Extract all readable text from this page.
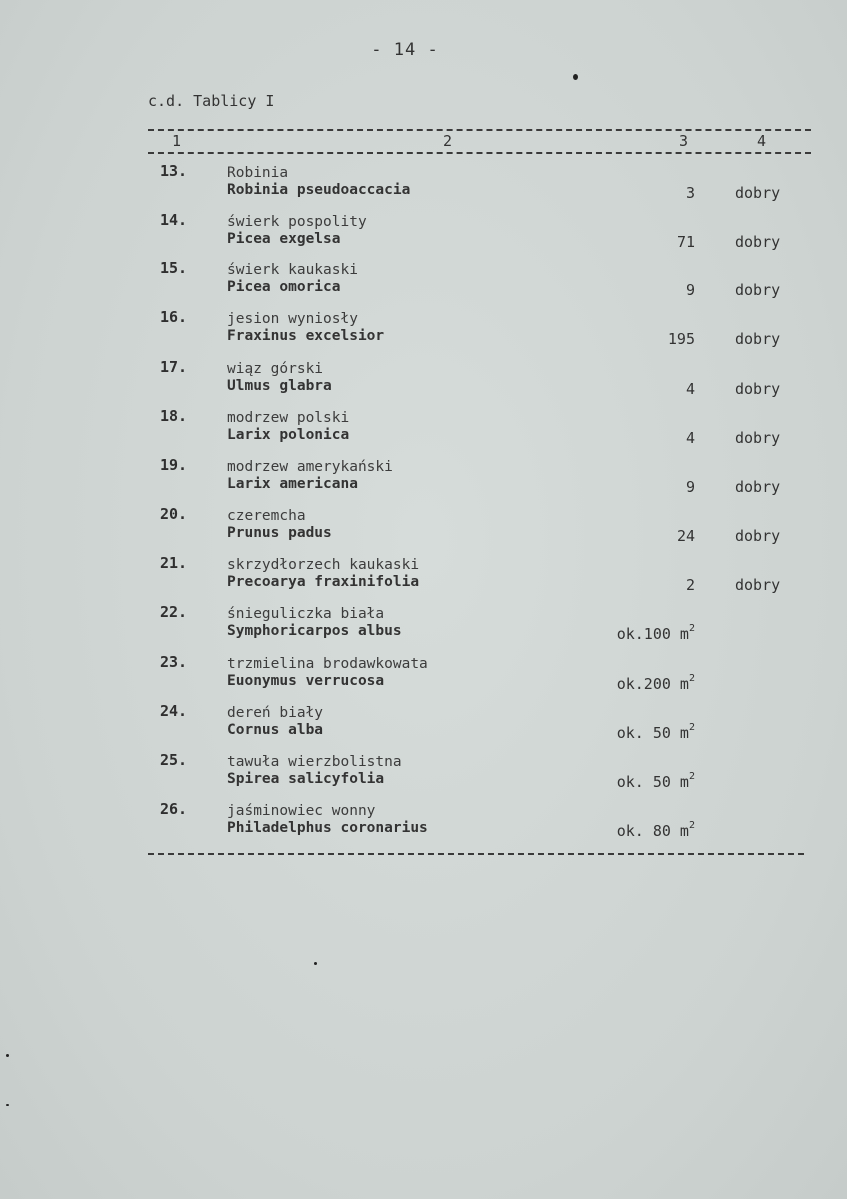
- 14 -
c.d. Tablicy I
1	2	3	4
13.	Robinia
Robinia pseudoaccacia	3	dobry
14.	świerk pospolity
Picea exgelsa	71	dobry
15.	świerk kaukaski
Picea omorica	9	dobry
16.	jesion wyniosły
Fraxinus excelsior	195	dobry
17.	wiąz górski
Ulmus glabra	4	dobry
18.	modrzew polski
Larix polonica	4	dobry
19.	modrzew amerykański
Larix americana	9	dobry
20.	czeremcha
Prunus padus	24	dobry
21.	skrzydłorzech kaukaski
Precoarya fraxinifolia	2	dobry
22.	śnieguliczka biała
Symphoricarpos albus	ok.100 $m^2$
23.	trzmielina brodawkowata
Euonymus verrucosa	ok.200 $m^2$
24.	dereń biały
Cornus alba	ok. 50 $m^2$
25.	tawuła wierzbolistna
Spirea salicyfolia	ok. 50 $m^2$
26.	jaśminowiec wonny
Philadelphus coronarius	ok. 80 $m^2$
